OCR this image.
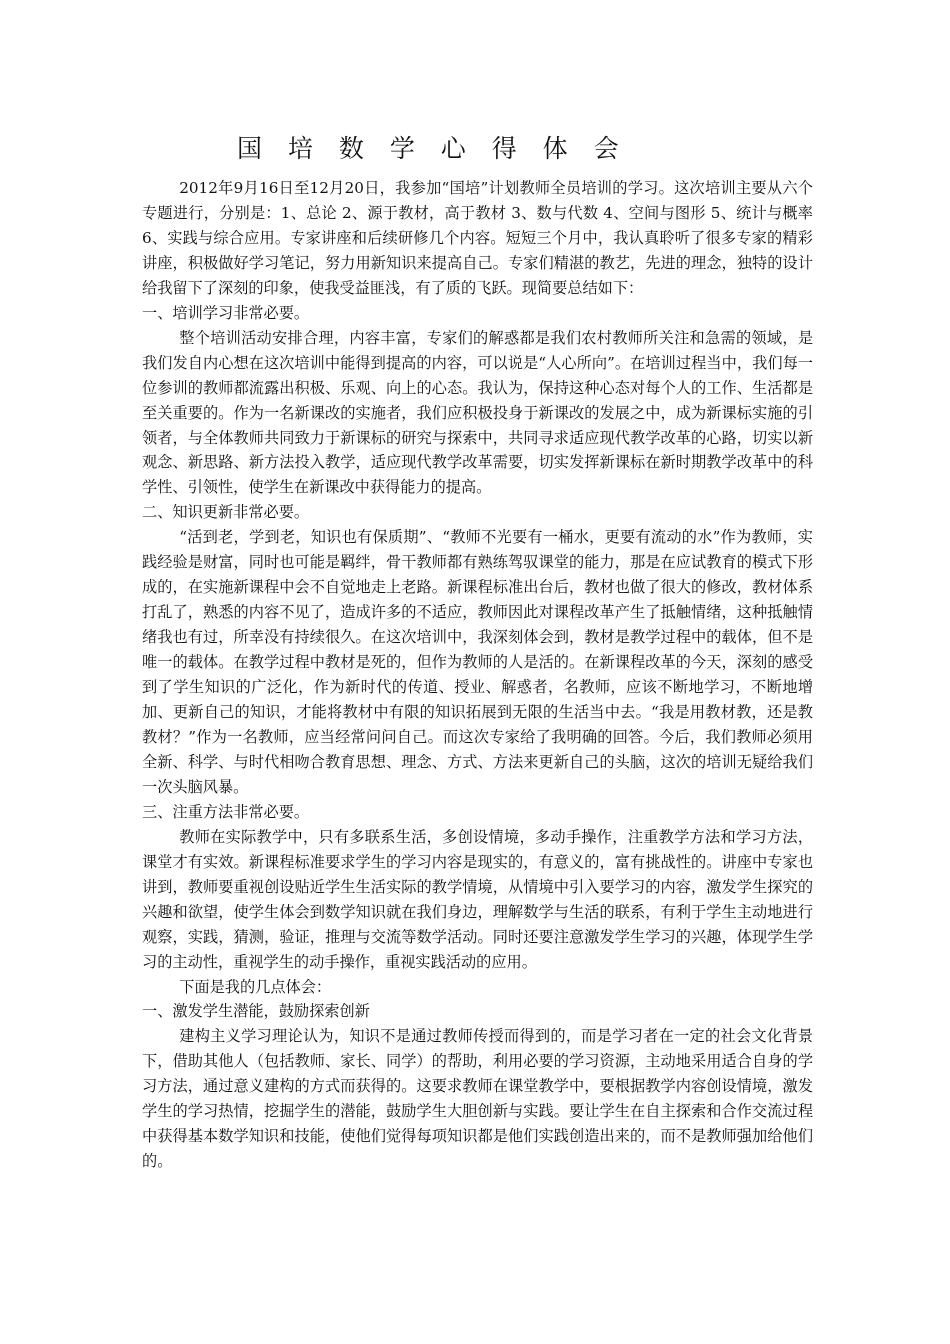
国 培 数 学 心 得 体 会

2012年9月16日至12月20日，我参加“国培”计划教师全员培训的学习。这次培训主要从六个专题进行，分别是：1、总论 2、源于教材，高于教材 3、数与代数 4、空间与图形 5、统计与概率 6、实践与综合应用。专家讲座和后续研修几个内容。短短三个月中，我认真聆听了很多专家的精彩讲座，积极做好学习笔记，努力用新知识来提高自己。专家们精湛的教艺，先进的理念，独特的设计给我留下了深刻的印象，使我受益匪浅，有了质的飞跃。现简要总结如下：

一、培训学习非常必要。

整个培训活动安排合理，内容丰富，专家们的解惑都是我们农村教师所关注和急需的领域，是我们发自内心想在这次培训中能得到提高的内容，可以说是“人心所向”。在培训过程当中，我们每一位参训的教师都流露出积极、乐观、向上的心态。我认为，保持这种心态对每个人的工作、生活都是至关重要的。作为一名新课改的实施者，我们应积极投身于新课改的发展之中，成为新课标实施的引领者，与全体教师共同致力于新课标的研究与探索中，共同寻求适应现代教学改革的心路，切实以新观念、新思路、新方法投入教学，适应现代教学改革需要，切实发挥新课标在新时期教学改革中的科学性、引领性，使学生在新课改中获得能力的提高。

二、知识更新非常必要。

“活到老，学到老，知识也有保质期”、“教师不光要有一桶水，更要有流动的水”作为教师，实践经验是财富，同时也可能是羁绊，骨干教师都有熟练驾驭课堂的能力，那是在应试教育的模式下形成的，在实施新课程中会不自觉地走上老路。新课程标准出台后，教材也做了很大的修改，教材体系打乱了，熟悉的内容不见了，造成许多的不适应，教师因此对课程改革产生了抵触情绪，这种抵触情绪我也有过，所幸没有持续很久。在这次培训中，我深刻体会到，教材是教学过程中的载体，但不是唯一的载体。在教学过程中教材是死的，但作为教师的人是活的。在新课程改革的今天，深刻的感受到了学生知识的广泛化，作为新时代的传道、授业、解惑者，名教师，应该不断地学习，不断地增加、更新自己的知识，才能将教材中有限的知识拓展到无限的生活当中去。“我是用教材教，还是教教材？”作为一名教师，应当经常问问自己。而这次专家给了我明确的回答。今后，我们教师必须用全新、科学、与时代相吻合教育思想、理念、方式、方法来更新自己的头脑，这次的培训无疑给我们一次头脑风暴。

三、注重方法非常必要。

教师在实际教学中，只有多联系生活，多创设情境，多动手操作，注重教学方法和学习方法，课堂才有实效。新课程标准要求学生的学习内容是现实的，有意义的，富有挑战性的。讲座中专家也讲到，教师要重视创设贴近学生生活实际的教学情境，从情境中引入要学习的内容，激发学生探究的兴趣和欲望，使学生体会到数学知识就在我们身边，理解数学与生活的联系，有利于学生主动地进行观察，实践，猜测，验证，推理与交流等数学活动。同时还要注意激发学生学习的兴趣，体现学生学习的主动性，重视学生的动手操作，重视实践活动的应用。

下面是我的几点体会：

一、激发学生潜能，鼓励探索创新

建构主义学习理论认为，知识不是通过教师传授而得到的，而是学习者在一定的社会文化背景下，借助其他人（包括教师、家长、同学）的帮助，利用必要的学习资源，主动地采用适合自身的学习方法，通过意义建构的方式而获得的。这要求教师在课堂教学中，要根据教学内容创设情境，激发学生的学习热情，挖掘学生的潜能，鼓励学生大胆创新与实践。要让学生在自主探索和合作交流过程中获得基本数学知识和技能，使他们觉得每项知识都是他们实践创造出来的，而不是教师强加给他们的。
